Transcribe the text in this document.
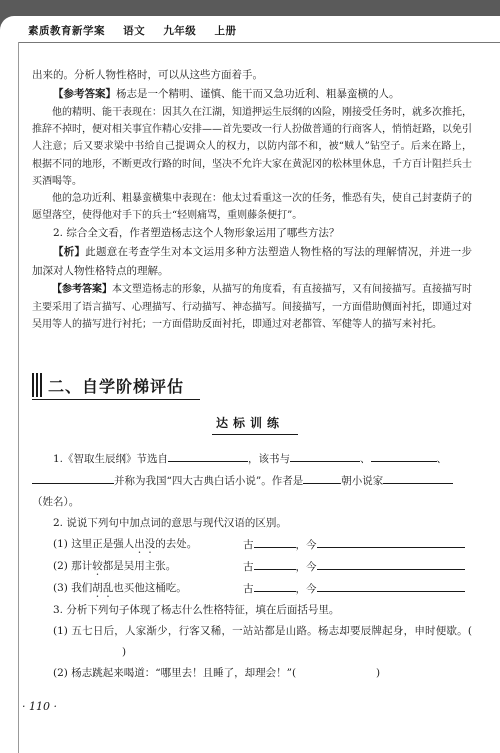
素质教育新学案 语文 九年级 上册

出来的。分析人物性格时，可以从这些方面着手。

【参考答案】杨志是一个精明、谨慎、能干而又急功近利、粗暴蛮横的人。

他的精明、能干表现在：因其久在江湖，知道押运生辰纲的凶险，刚接受任务时，就多次推托，推辞不掉时，便对相关事宜作精心安排——首先要改一行人扮做普通的行商客人，悄悄赶路，以免引人注意；后又要求梁中书给自己提调众人的权力，以防内部不和，被“贼人”钻空子。后来在路上，根据不同的地形，不断更改行路的时间，坚决不允许大家在黄泥冈的松林里休息，千方百计阻拦兵士买酒喝等。

他的急功近利、粗暴蛮横集中表现在：他太过看重这一次的任务，惟恐有失，使自己封妻荫子的愿望落空，使得他对手下的兵士“轻则痛骂，重则藤条便打”。

2. 综合全文看，作者塑造杨志这个人物形象运用了哪些方法？

【析】此题意在考查学生对本文运用多种方法塑造人物性格的写法的理解情况，并进一步加深对人物性格特点的理解。

【参考答案】本文塑造杨志的形象，从描写的角度看，有直接描写，又有间接描写。直接描写时主要采用了语言描写、心理描写、行动描写、神态描写。间接描写，一方面借助侧面衬托，即通过对吴用等人的描写进行衬托；一方面借助反面衬托，即通过对老都管、军健等人的描写来衬托。

二、自学阶梯评估
达标训练
1.《智取生辰纲》节选自	，该书与	、	、
并称为我国“四大古典白话小说”。作者是	朝小说家
（姓名）。
2. 说说下列句中加点词的意思与现代汉语的区别。
(1) 这里正是强人出没的去处。	古	，今
(2) 那计较都是吴用主张。	古	，今
(3) 我们胡乱也买他这桶吃。	古	，今
3. 分析下列句子体现了杨志什么性格特征，填在后面括号里。
(1) 五七日后，人家渐少，行客又稀，一站站都是山路。杨志却要辰牌起身，申时便歇。()
(2) 杨志跳起来喝道：“哪里去！且睡了，却理会！”(	)
· 110 ·
